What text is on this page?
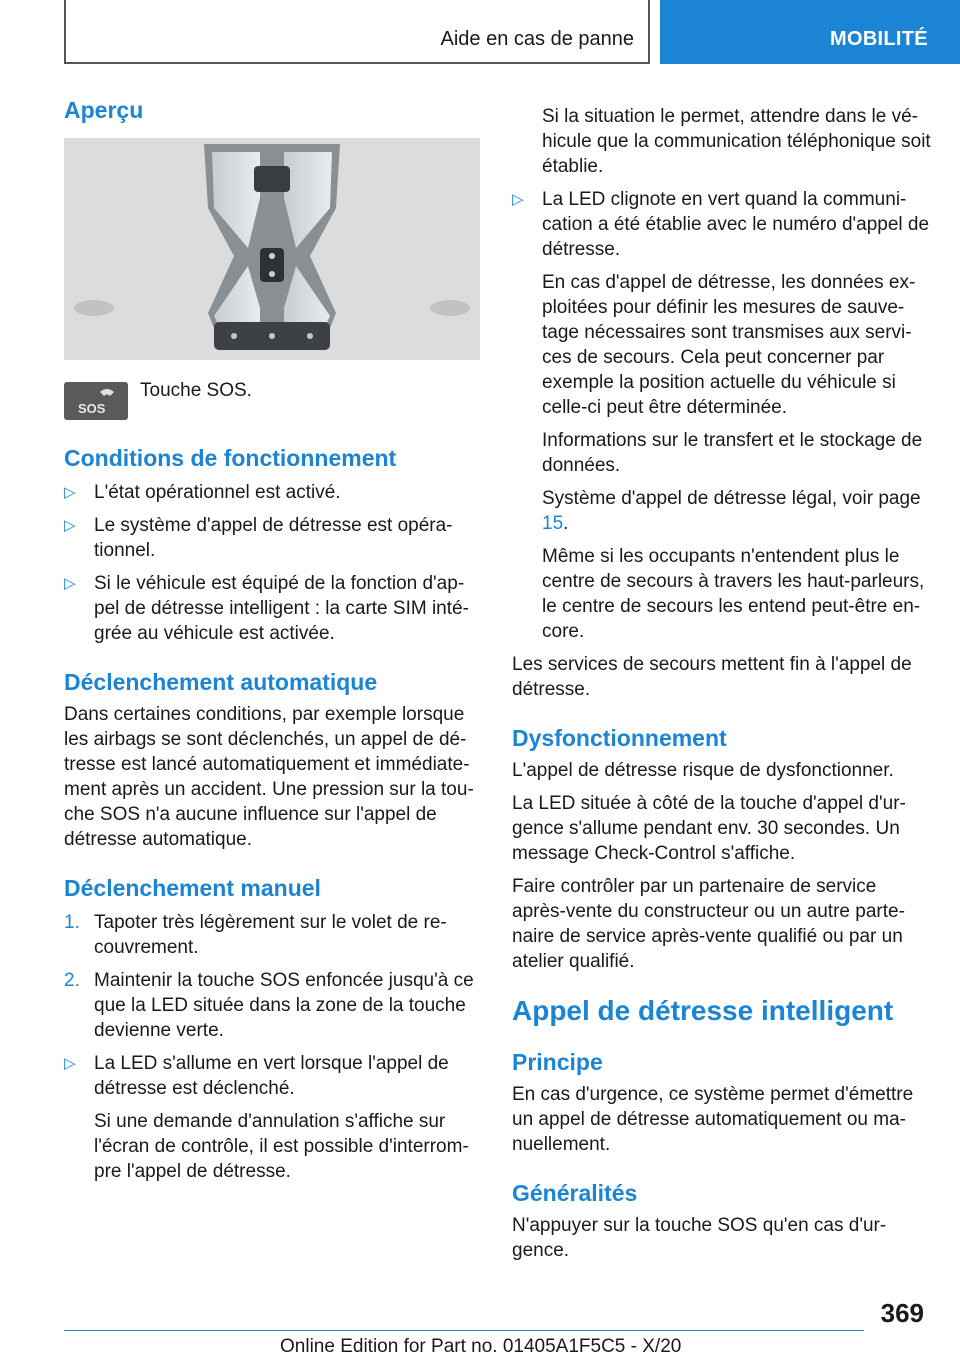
Aide en cas de panne	MOBILITÉ
Aperçu
SOS
Touche SOS.
Conditions de fonctionnement
▷ L'état opérationnel est activé.
▷ Le système d'appel de détresse est opéra‐tionnel.
▷ Si le véhicule est équipé de la fonction d'ap‐pel de détresse intelligent : la carte SIM inté‐grée au véhicule est activée.
Déclenchement automatique

Dans certaines conditions, par exemple lorsque les airbags se sont déclenchés, un appel de dé‐tresse est lancé automatiquement et immédiate‐ment après un accident. Une pression sur la tou‐che SOS n'a aucune influence sur l'appel de détresse automatique.

Déclenchement manuel
1. Tapoter très légèrement sur le volet de re‐couvrement.
2. Maintenir la touche SOS enfoncée jusqu'à ce que la LED située dans la zone de la touche devienne verte.
▷ La LED s'allume en vert lorsque l'appel de détresse est déclenché.
Si une demande d'annulation s'affiche sur l'écran de contrôle, il est possible d'interrom‐pre l'appel de détresse.
Si la situation le permet, attendre dans le vé‐hicule que la communication téléphonique soit établie.
▷ La LED clignote en vert quand la communi‐cation a été établie avec le numéro d'appel de détresse.
En cas d'appel de détresse, les données ex‐ploitées pour définir les mesures de sauve‐tage nécessaires sont transmises aux servi‐ces de secours. Cela peut concerner par exemple la position actuelle du véhicule si celle-ci peut être déterminée.
Informations sur le transfert et le stockage de données.
Système d'appel de détresse légal, voir page 15.
Même si les occupants n'entendent plus le centre de secours à travers les haut-parleurs, le centre de secours les entend peut-être en‐core.

Les services de secours mettent fin à l'appel de détresse.

Dysfonctionnement

L'appel de détresse risque de dysfonctionner.

La LED située à côté de la touche d'appel d'ur‐gence s'allume pendant env. 30 secondes. Un message Check-Control s'affiche.

Faire contrôler par un partenaire de service après-vente du constructeur ou un autre parte‐naire de service après-vente qualifié ou par un atelier qualifié.

Appel de détresse intelligent
Principe

En cas d'urgence, ce système permet d'émettre un appel de détresse automatiquement ou ma‐nuellement.

Généralités

N'appuyer sur la touche SOS qu'en cas d'ur‐gence.

369
Online Edition for Part no. 01405A1F5C5 - X/20
